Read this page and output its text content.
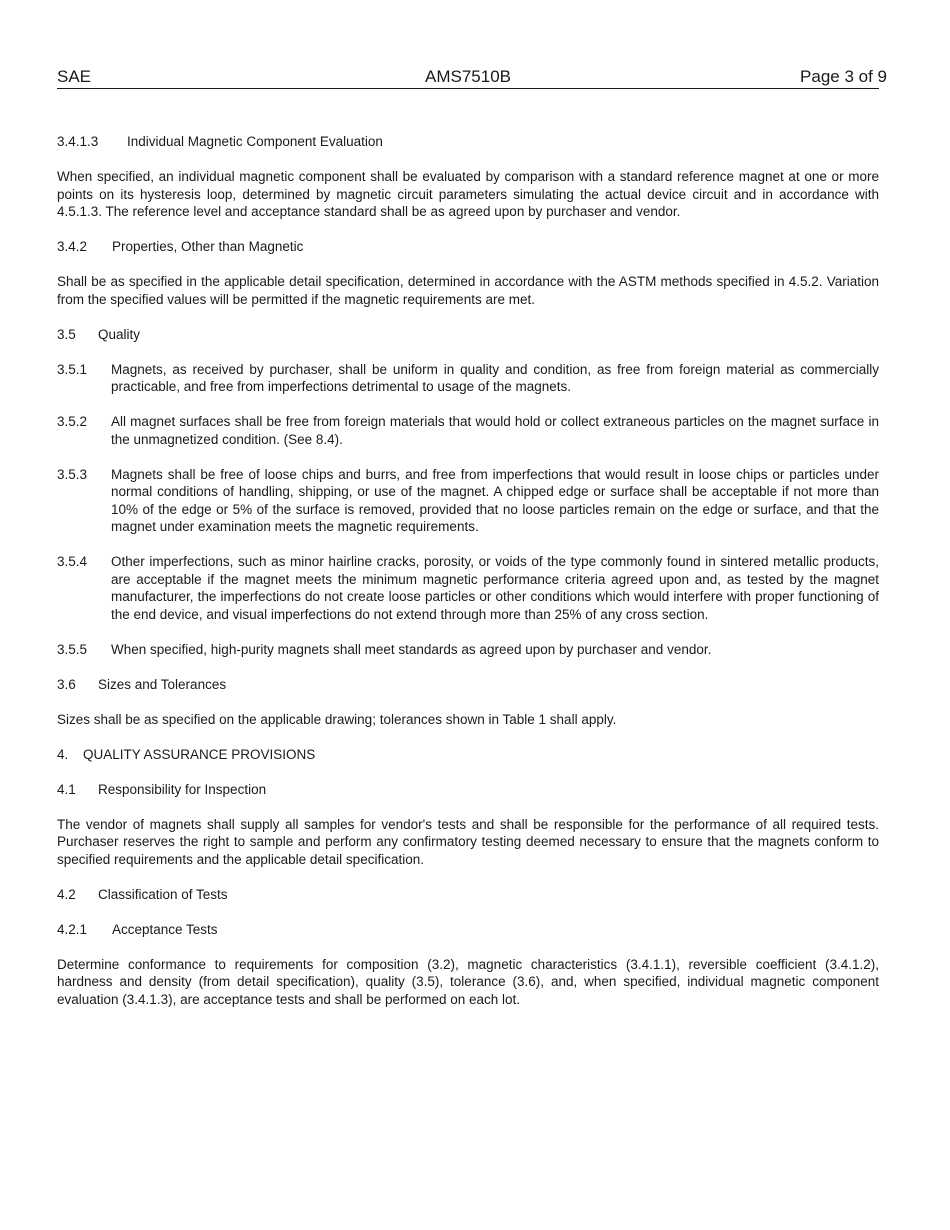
SAE	AMS7510B	Page 3 of 9
3.4.1.3 Individual Magnetic Component Evaluation

When specified, an individual magnetic component shall be evaluated by comparison with a standard reference magnet at one or more points on its hysteresis loop, determined by magnetic circuit parameters simulating the actual device circuit and in accordance with 4.5.1.3. The reference level and acceptance standard shall be as agreed upon by purchaser and vendor.

3.4.2 Properties, Other than Magnetic

Shall be as specified in the applicable detail specification, determined in accordance with the ASTM methods specified in 4.5.2. Variation from the specified values will be permitted if the magnetic requirements are met.

3.5 Quality
3.5.1 Magnets, as received by purchaser, shall be uniform in quality and condition, as free from foreign material as commercially practicable, and free from imperfections detrimental to usage of the magnets.
3.5.2 All magnet surfaces shall be free from foreign materials that would hold or collect extraneous particles on the magnet surface in the unmagnetized condition. (See 8.4).
3.5.3 Magnets shall be free of loose chips and burrs, and free from imperfections that would result in loose chips or particles under normal conditions of handling, shipping, or use of the magnet. A chipped edge or surface shall be acceptable if not more than 10% of the edge or 5% of the surface is removed, provided that no loose particles remain on the edge or surface, and that the magnet under examination meets the magnetic requirements.
3.5.4 Other imperfections, such as minor hairline cracks, porosity, or voids of the type commonly found in sintered metallic products, are acceptable if the magnet meets the minimum magnetic performance criteria agreed upon and, as tested by the magnet manufacturer, the imperfections do not create loose particles or other conditions which would interfere with proper functioning of the end device, and visual imperfections do not extend through more than 25% of any cross section.
3.5.5 When specified, high-purity magnets shall meet standards as agreed upon by purchaser and vendor.
3.6 Sizes and Tolerances

Sizes shall be as specified on the applicable drawing; tolerances shown in Table 1 shall apply.

4. QUALITY ASSURANCE PROVISIONS
4.1 Responsibility for Inspection

The vendor of magnets shall supply all samples for vendor's tests and shall be responsible for the performance of all required tests. Purchaser reserves the right to sample and perform any confirmatory testing deemed necessary to ensure that the magnets conform to specified requirements and the applicable detail specification.

4.2 Classification of Tests
4.2.1 Acceptance Tests

Determine conformance to requirements for composition (3.2), magnetic characteristics (3.4.1.1), reversible coefficient (3.4.1.2), hardness and density (from detail specification), quality (3.5), tolerance (3.6), and, when specified, individual magnetic component evaluation (3.4.1.3), are acceptance tests and shall be performed on each lot.
